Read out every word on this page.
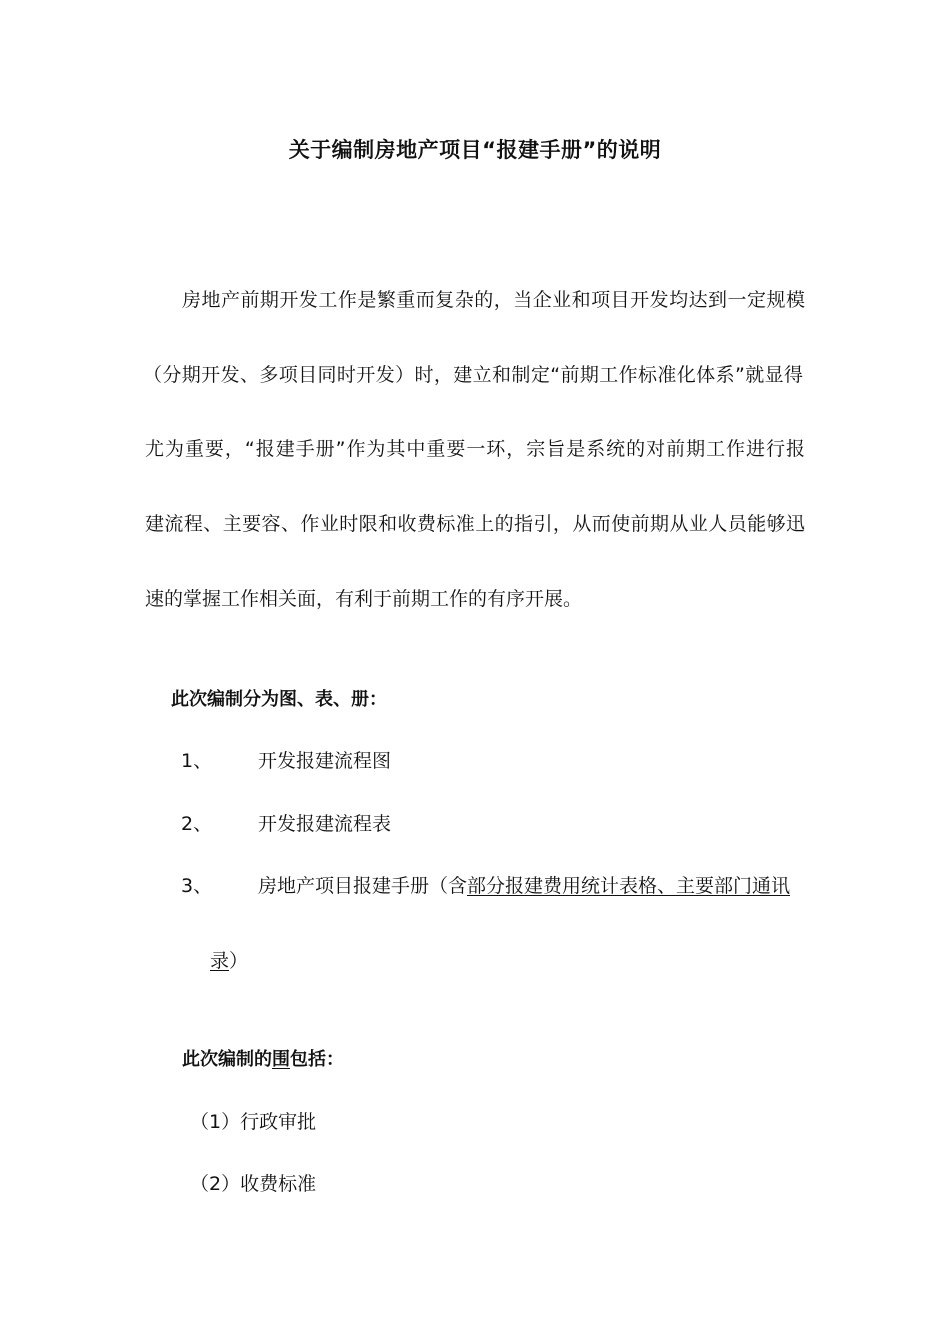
关于编制房地产项目“报建手册”的说明
房地产前期开发工作是繁重而复杂的，当企业和项目开发均达到一定规模
（分期开发、多项目同时开发）时，建立和制定“前期工作标准化体系”就显得
尤为重要，“报建手册”作为其中重要一环，宗旨是系统的对前期工作进行报
建流程、主要容、作业时限和收费标准上的指引，从而使前期从业人员能够迅
速的掌握工作相关面，有利于前期工作的有序开展。
此次编制分为图、表、册：
1、 开发报建流程图
2、 开发报建流程表
3、 房地产项目报建手册（含部分报建费用统计表格、主要部门通讯
录）
此次编制的围包括：
（1）行政审批
（2）收费标准
